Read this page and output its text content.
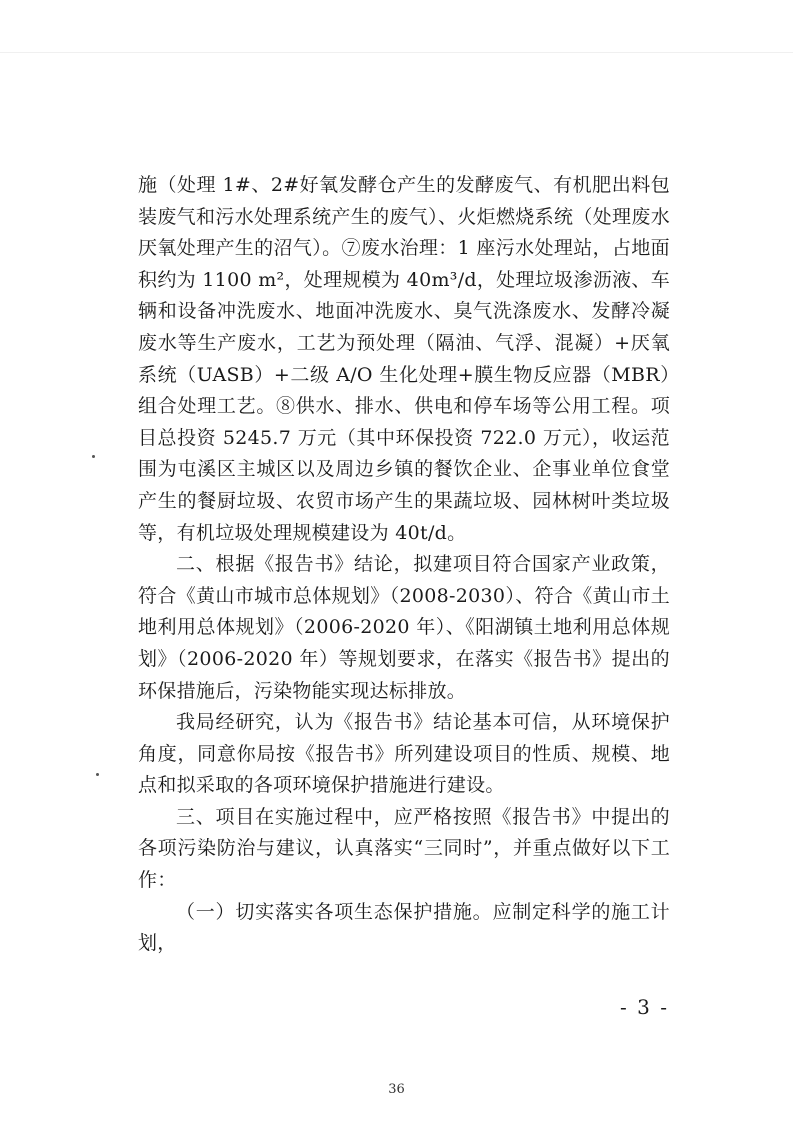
施（处理 1#、2#好氧发酵仓产生的发酵废气、有机肥出料包装废气和污水处理系统产生的废气）、火炬燃烧系统（处理废水厌氧处理产生的沼气）。⑦废水治理：1 座污水处理站，占地面积约为 1100 m²，处理规模为 40m³/d，处理垃圾渗沥液、车辆和设备冲洗废水、地面冲洗废水、臭气洗涤废水、发酵冷凝废水等生产废水，工艺为预处理（隔油、气浮、混凝）+厌氧系统（UASB）+二级 A/O 生化处理+膜生物反应器（MBR）组合处理工艺。⑧供水、排水、供电和停车场等公用工程。项目总投资 5245.7 万元（其中环保投资 722.0 万元），收运范围为屯溪区主城区以及周边乡镇的餐饮企业、企事业单位食堂产生的餐厨垃圾、农贸市场产生的果蔬垃圾、园林树叶类垃圾等，有机垃圾处理规模建设为 40t/d。

二、根据《报告书》结论，拟建项目符合国家产业政策，符合《黄山市城市总体规划》（2008-2030）、符合《黄山市土地利用总体规划》（2006-2020 年）、《阳湖镇土地利用总体规划》（2006-2020 年）等规划要求，在落实《报告书》提出的环保措施后，污染物能实现达标排放。

我局经研究，认为《报告书》结论基本可信，从环境保护角度，同意你局按《报告书》所列建设项目的性质、规模、地点和拟采取的各项环境保护措施进行建设。

三、项目在实施过程中，应严格按照《报告书》中提出的各项污染防治与建议，认真落实“三同时”，并重点做好以下工作：

（一）切实落实各项生态保护措施。应制定科学的施工计划，

- 3 -
36
